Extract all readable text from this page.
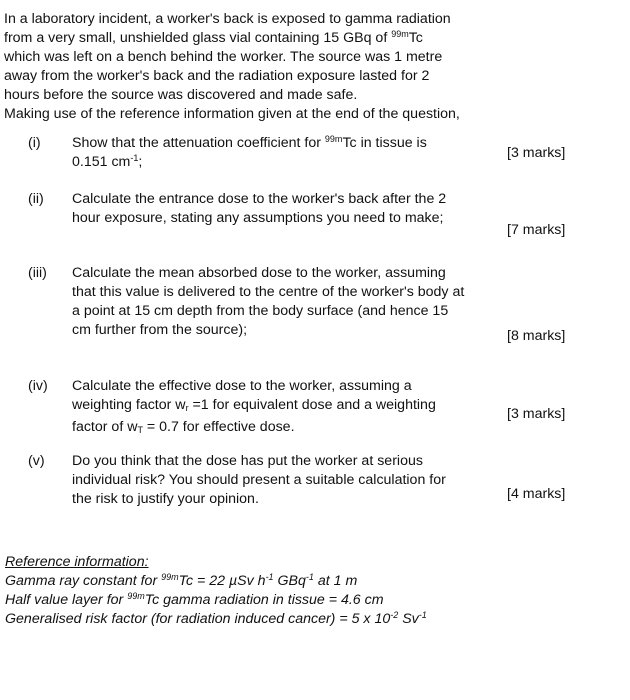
In a laboratory incident, a worker's back is exposed to gamma radiation

from a very small, unshielded glass vial containing 15 GBq of $^{99m}$Tc

which was left on a bench behind the worker. The source was 1 metre

away from the worker's back and the radiation exposure lasted for 2

hours before the source was discovered and made safe.

Making use of the reference information given at the end of the question,

(i) Show that the attenuation coefficient for $^{99m}$Tc in tissue is
0.151 $cm^{-1}$;
[3 marks]
(ii) Calculate the entrance dose to the worker's back after the 2
hour exposure, stating any assumptions you need to make;
[7 marks]
(iii) Calculate the mean absorbed dose to the worker, assuming
that this value is delivered to the centre of the worker's body at
a point at 15 cm depth from the body surface (and hence 15
cm further from the source);	[8 marks]
(iv) Calculate the effective dose to the worker, assuming a
weighting factor $w_r =1$ for equivalent dose and a weighting
factor of $w_T = 0.7$ for effective dose.
[3 marks]
(v) Do you think that the dose has put the worker at serious
individual risk? You should present a suitable calculation for
the risk to justify your opinion.	[4 marks]
Reference information:
Gamma ray constant for $^{99m}$Tc = 22 µSv $h^{-1}$ GBq$^{-1}$ at 1 m
Half value layer for $^{99m}$Tc gamma radiation in tissue = 4.6 cm
Generalised risk factor (for radiation induced cancer) = 5 x $10^{-2}$ $Sv^{-1}$
